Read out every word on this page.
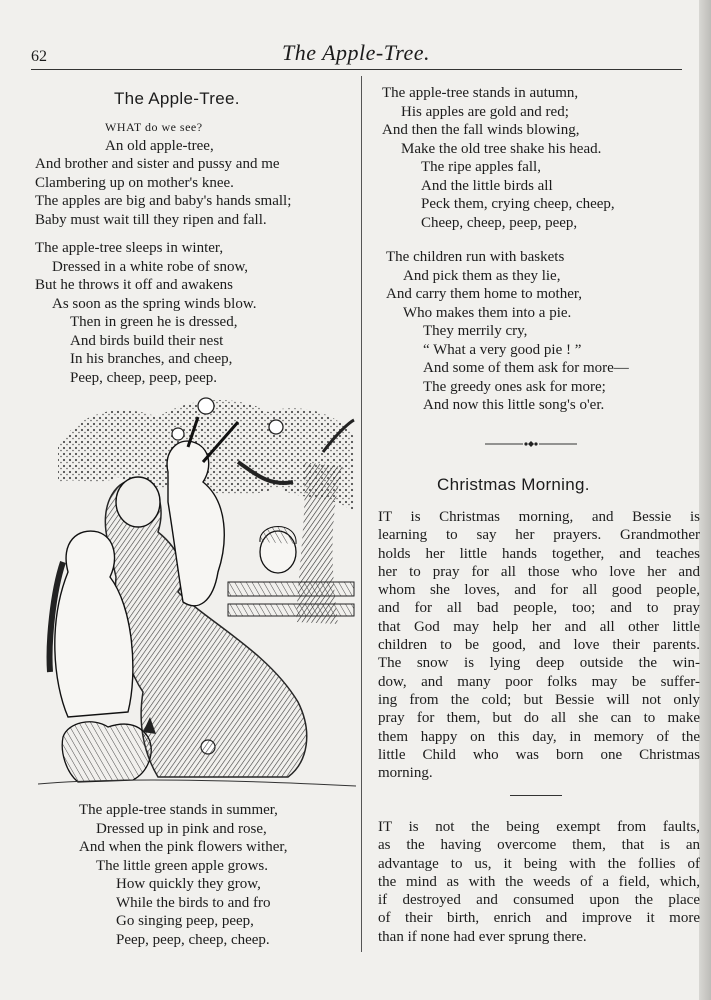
62	The Apple-Tree.
The Apple-Tree.
WHAT do we see?
An old apple-tree,
And brother and sister and pussy and me
Clambering up on mother's knee.
The apples are big and baby's hands small;
Baby must wait till they ripen and fall.
The apple-tree sleeps in winter,
Dressed in a white robe of snow,
But he throws it off and awakens
As soon as the spring winds blow.
Then in green he is dressed,
And birds build their nest
In his branches, and cheep,
Peep, cheep, peep, peep.
The apple-tree stands in summer,
Dressed up in pink and rose,
And when the pink flowers wither,
The little green apple grows.
How quickly they grow,
While the birds to and fro
Go singing peep, peep,
Peep, peep, cheep, cheep.
The apple-tree stands in autumn,
His apples are gold and red;
And then the fall winds blowing,
Make the old tree shake his head.
The ripe apples fall,
And the little birds all
Peck them, crying cheep, cheep,
Cheep, cheep, peep, peep,
The children run with baskets
And pick them as they lie,
And carry them home to mother,
Who makes them into a pie.
They merrily cry,
“ What a very good pie ! ”
And some of them ask for more—
The greedy ones ask for more;
And now this little song's o'er.
Christmas Morning.
IT is Christmas morning, and Bessie is
learning to say her prayers. Grandmother
holds her little hands together, and teaches
her to pray for all those who love her and
whom she loves, and for all good people,
and for all bad people, too; and to pray
that God may help her and all other little
children to be good, and love their parents.
The snow is lying deep outside the win-
dow, and many poor folks may be suffer-
ing from the cold; but Bessie will not only
pray for them, but do all she can to make
them happy on this day, in memory of the
little Child who was born one Christmas
morning.
IT is not the being exempt from faults,
as the having overcome them, that is an
advantage to us, it being with the follies of
the mind as with the weeds of a field, which,
if destroyed and consumed upon the place
of their birth, enrich and improve it more
than if none had ever sprung there.
